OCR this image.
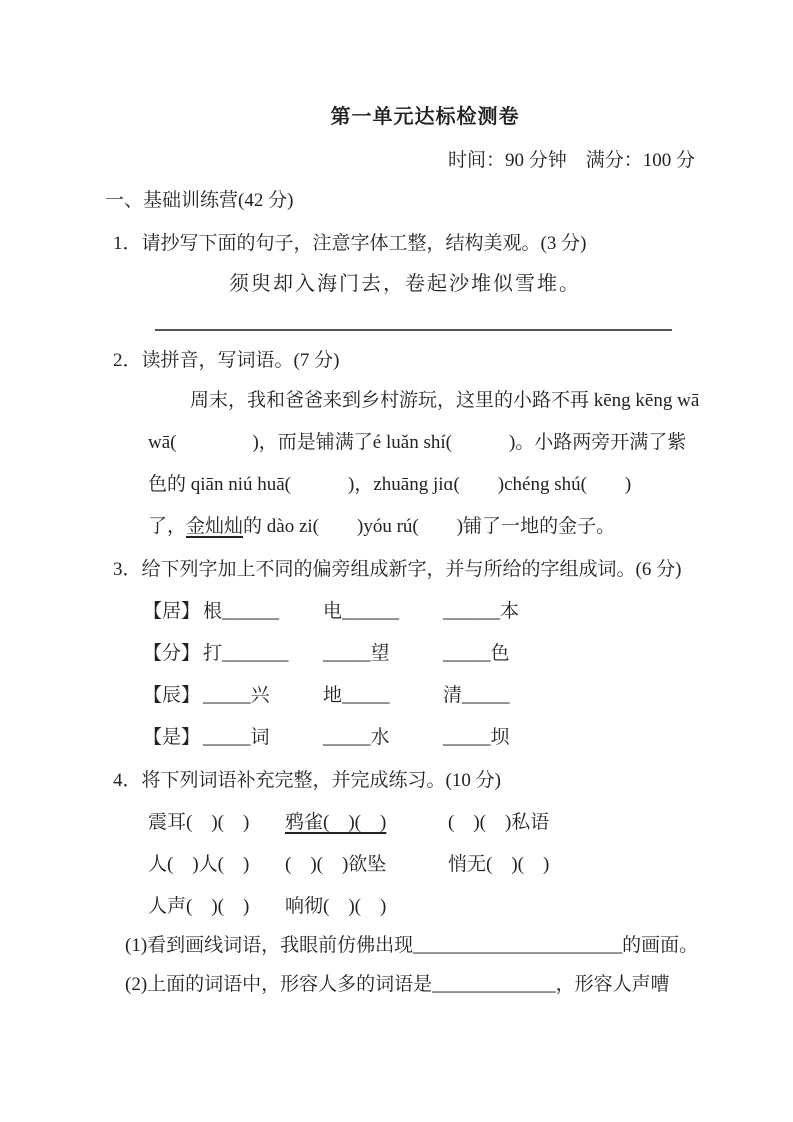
第一单元达标检测卷
时间：90 分钟　满分：100 分
一、基础训练营(42 分)
1．请抄写下面的句子，注意字体工整，结构美观。(3 分)
须臾却入海门去，卷起沙堆似雪堆。
2．读拼音，写词语。(7 分)
周末，我和爸爸来到乡村游玩，这里的小路不再 kēng kēng wā
wā(　　　　)，而是铺满了é luǎn shí(　　　)。小路两旁开满了紫
色的 qiān niú huā(　　　)，zhuāng jiɑ(　　)chéng shú(　　)
了，金灿灿的 dào zi(　　)yóu rú(　　)铺了一地的金子。
3．给下列字加上不同的偏旁组成新字，并与所给的字组成词。(6 分)
【居】 根______	电______	______本
【分】 打_______	_____望	_____色
【辰】 _____兴	地_____	清_____
【是】 _____词	_____水	_____坝
4．将下列词语补充完整，并完成练习。(10 分)
震耳(　)(　)	鸦雀(　)(　)	(　)(　)私语
人(　)人(　)	(　)(　)欲坠	悄无(　)(　)
人声(　)(　)	响彻(　)(　)
(1)看到画线词语，我眼前仿佛出现______________________的画面。
(2)上面的词语中，形容人多的词语是_____________，形容人声嘈
